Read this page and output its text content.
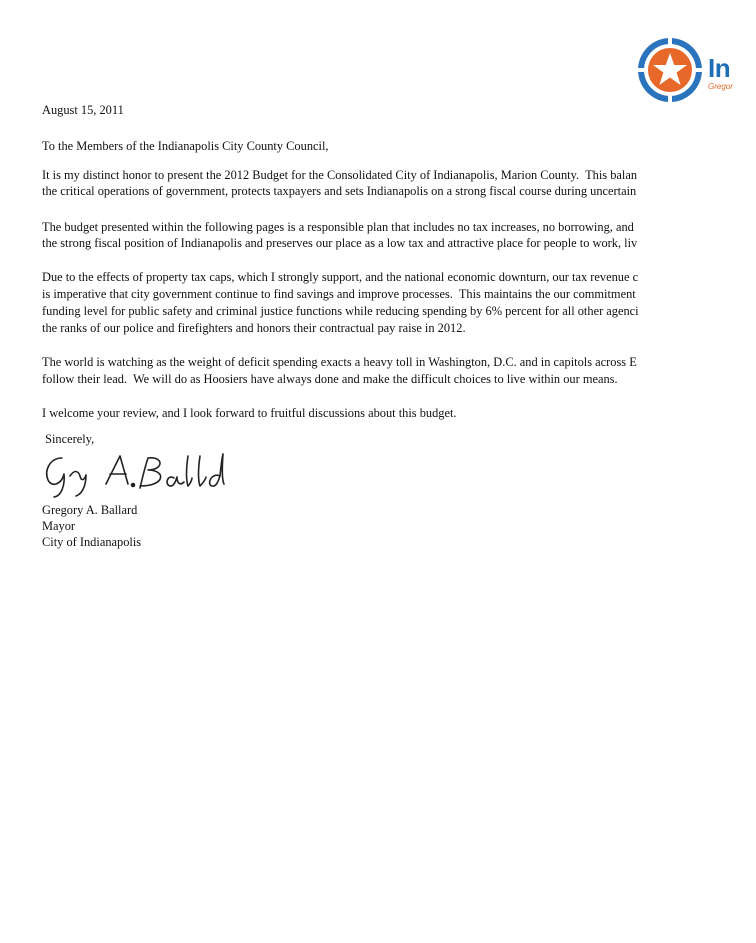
In
Gregor
August 15, 2011
To the Members of the Indianapolis City County Council,
It is my distinct honor to present the 2012 Budget for the Consolidated City of Indianapolis, Marion County.  This balan
the critical operations of government, protects taxpayers and sets Indianapolis on a strong fiscal course during uncertain
The budget presented within the following pages is a responsible plan that includes no tax increases, no borrowing, and
the strong fiscal position of Indianapolis and preserves our place as a low tax and attractive place for people to work, liv
Due to the effects of property tax caps, which I strongly support, and the national economic downturn, our tax revenue c
is imperative that city government continue to find savings and improve processes.  This maintains the our commitment
funding level for public safety and criminal justice functions while reducing spending by 6% percent for all other agenci
the ranks of our police and firefighters and honors their contractual pay raise in 2012.
The world is watching as the weight of deficit spending exacts a heavy toll in Washington, D.C. and in capitols across E
follow their lead.  We will do as Hoosiers have always done and make the difficult choices to live within our means.
I welcome your review, and I look forward to fruitful discussions about this budget.
Sincerely,
Gregory A. Ballard
Mayor
City of Indianapolis
